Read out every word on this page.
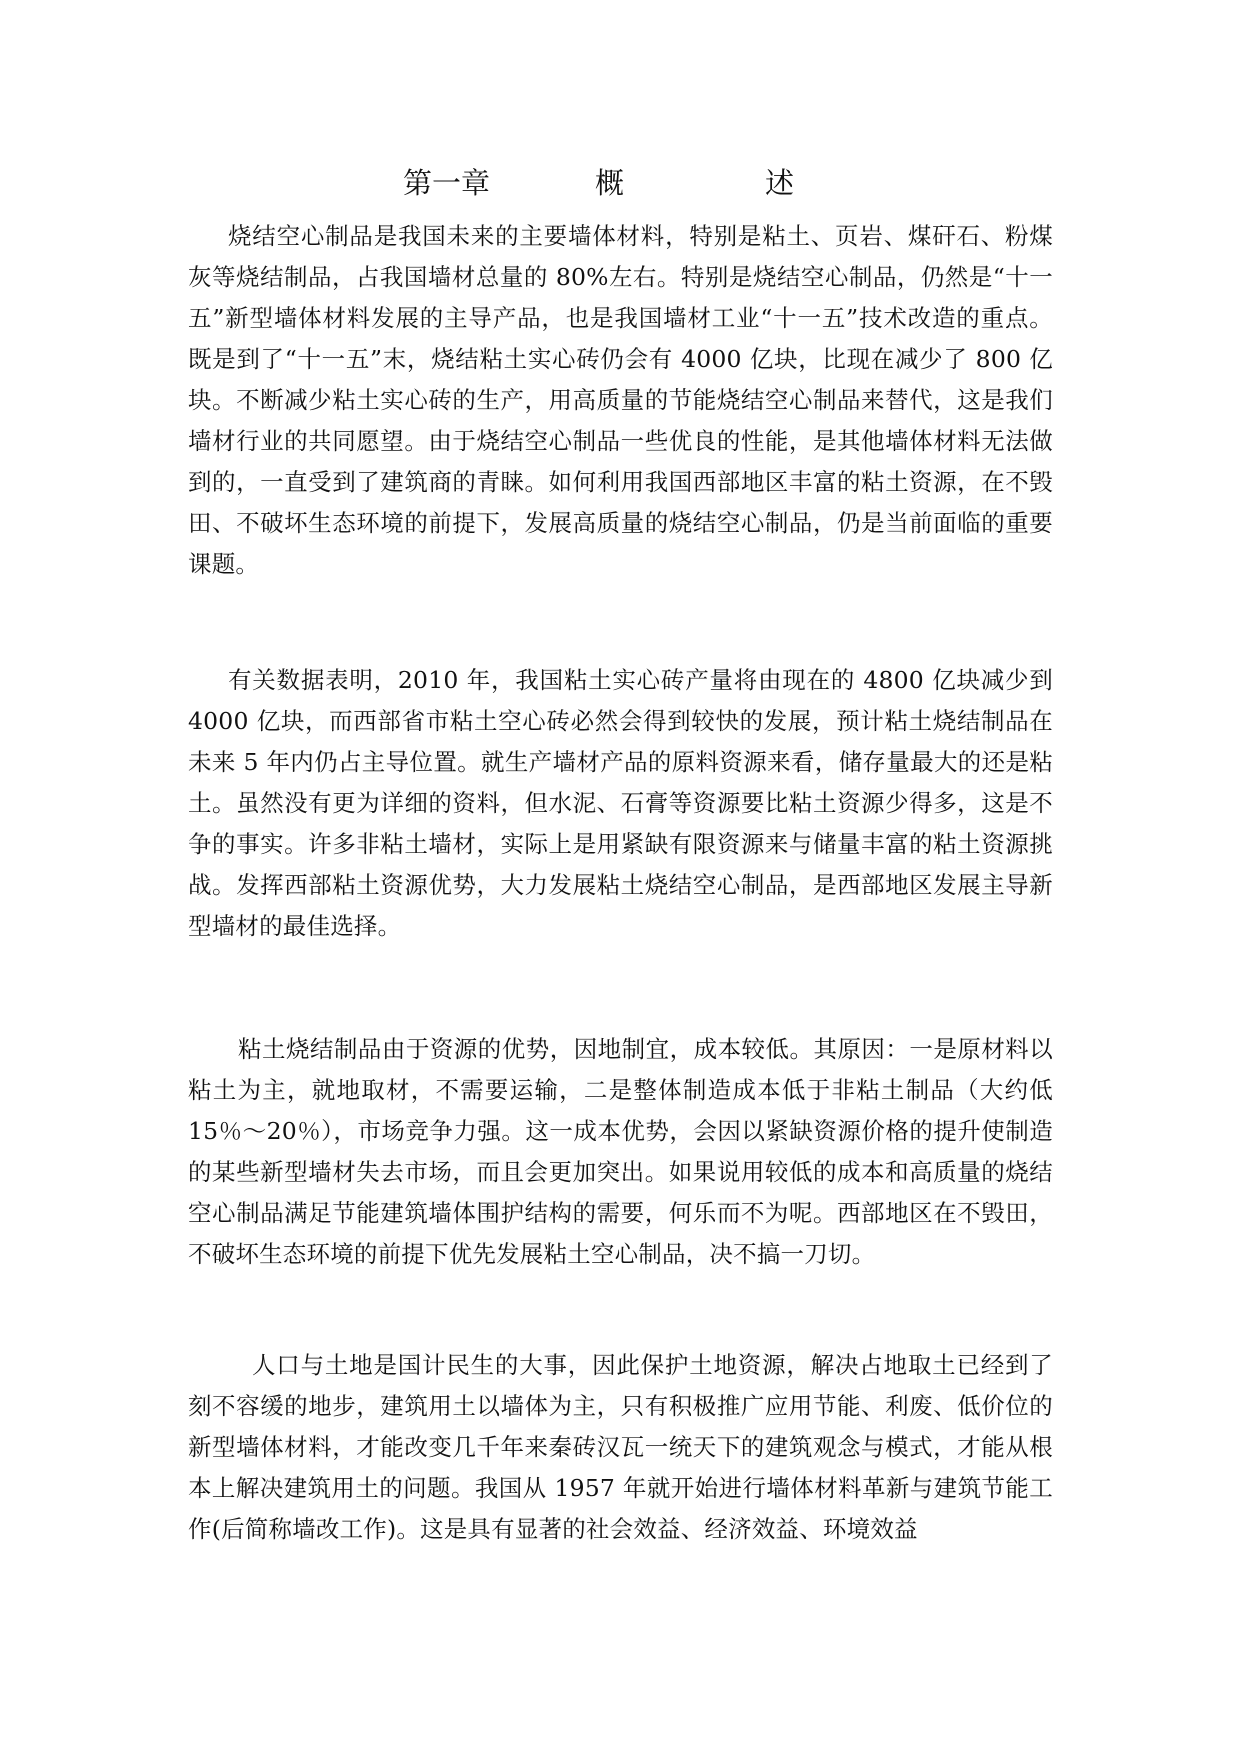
第一章	概	述

烧结空心制品是我国未来的主要墙体材料，特别是粘土、页岩、煤矸石、粉煤灰等烧结制品，占我国墙材总量的 80%左右。特别是烧结空心制品，仍然是“十一五”新型墙体材料发展的主导产品，也是我国墙材工业“十一五”技术改造的重点。既是到了“十一五”末，烧结粘土实心砖仍会有 4000 亿块，比现在减少了 800 亿块。不断减少粘土实心砖的生产，用高质量的节能烧结空心制品来替代，这是我们墙材行业的共同愿望。由于烧结空心制品一些优良的性能，是其他墙体材料无法做到的，一直受到了建筑商的青睐。如何利用我国西部地区丰富的粘土资源，在不毁田、不破坏生态环境的前提下，发展高质量的烧结空心制品，仍是当前面临的重要课题。

有关数据表明，2010 年，我国粘土实心砖产量将由现在的 4800 亿块减少到 4000 亿块，而西部省市粘土空心砖必然会得到较快的发展，预计粘土烧结制品在未来 5 年内仍占主导位置。就生产墙材产品的原料资源来看，储存量最大的还是粘土。虽然没有更为详细的资料，但水泥、石膏等资源要比粘土资源少得多，这是不争的事实。许多非粘土墙材，实际上是用紧缺有限资源来与储量丰富的粘土资源挑战。发挥西部粘土资源优势，大力发展粘土烧结空心制品，是西部地区发展主导新型墙材的最佳选择。

粘土烧结制品由于资源的优势，因地制宜，成本较低。其原因：一是原材料以粘土为主，就地取材，不需要运输，二是整体制造成本低于非粘土制品（大约低 15％～20％），市场竞争力强。这一成本优势，会因以紧缺资源价格的提升使制造的某些新型墙材失去市场，而且会更加突出。如果说用较低的成本和高质量的烧结空心制品满足节能建筑墙体围护结构的需要，何乐而不为呢。西部地区在不毁田，不破坏生态环境的前提下优先发展粘土空心制品，决不搞一刀切。

人口与土地是国计民生的大事，因此保护土地资源，解决占地取土已经到了刻不容缓的地步，建筑用土以墙体为主，只有积极推广应用节能、利废、低价位的新型墙体材料，才能改变几千年来秦砖汉瓦一统天下的建筑观念与模式，才能从根本上解决建筑用土的问题。我国从 1957 年就开始进行墙体材料革新与建筑节能工作(后简称墙改工作)。这是具有显著的社会效益、经济效益、环境效益
